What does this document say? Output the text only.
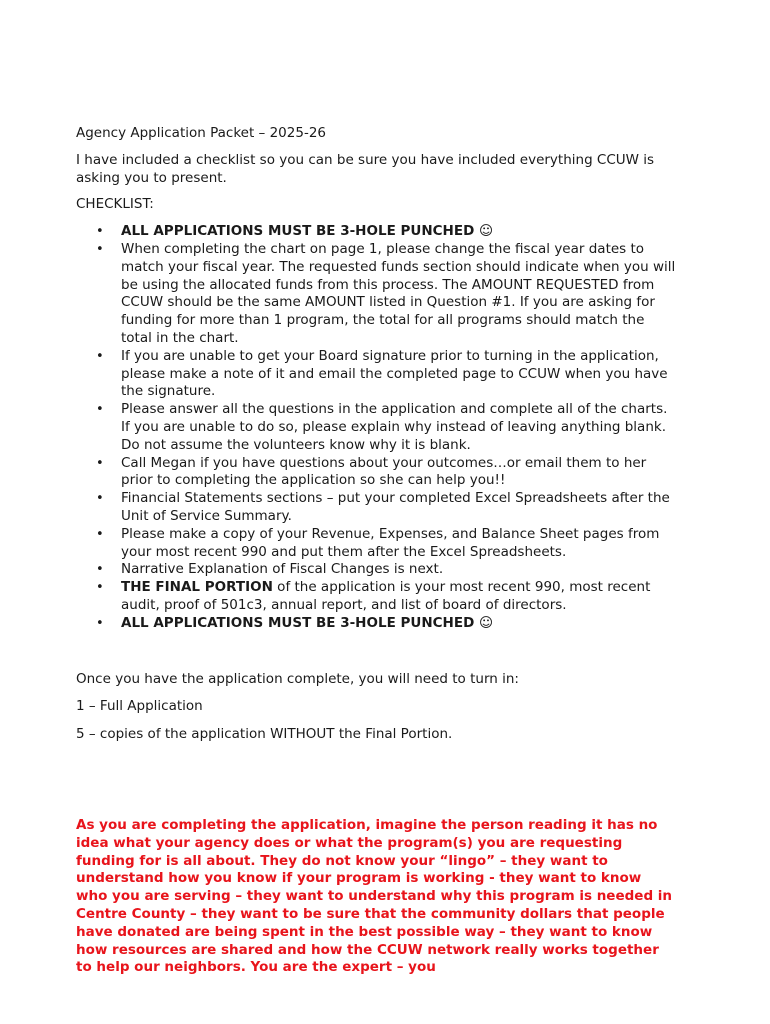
Agency Application Packet – 2025-26

I have included a checklist so you can be sure you have included everything CCUW is asking you to present.

CHECKLIST:

• ALL APPLICATIONS MUST BE 3-HOLE PUNCHED ☺
• When completing the chart on page 1, please change the fiscal year dates to match your fiscal year. The requested funds section should indicate when you will be using the allocated funds from this process. The AMOUNT REQUESTED from CCUW should be the same AMOUNT listed in Question #1. If you are asking for funding for more than 1 program, the total for all programs should match the total in the chart.
• If you are unable to get your Board signature prior to turning in the application, please make a note of it and email the completed page to CCUW when you have the signature.
• Please answer all the questions in the application and complete all of the charts. If you are unable to do so, please explain why instead of leaving anything blank. Do not assume the volunteers know why it is blank.
• Call Megan if you have questions about your outcomes…or email them to her prior to completing the application so she can help you!!
• Financial Statements sections – put your completed Excel Spreadsheets after the Unit of Service Summary.
• Please make a copy of your Revenue, Expenses, and Balance Sheet pages from your most recent 990 and put them after the Excel Spreadsheets.
• Narrative Explanation of Fiscal Changes is next.
• THE FINAL PORTION of the application is your most recent 990, most recent audit, proof of 501c3, annual report, and list of board of directors.
• ALL APPLICATIONS MUST BE 3-HOLE PUNCHED ☺

Once you have the application complete, you will need to turn in:

1 – Full Application

5 – copies of the application WITHOUT the Final Portion.

As you are completing the application, imagine the person reading it has no idea what your agency does or what the program(s) you are requesting funding for is all about. They do not know your “lingo” – they want to understand how you know if your program is working - they want to know who you are serving – they want to understand why this program is needed in Centre County – they want to be sure that the community dollars that people have donated are being spent in the best possible way – they want to know how resources are shared and how the CCUW network really works together to help our neighbors. You are the expert – you
